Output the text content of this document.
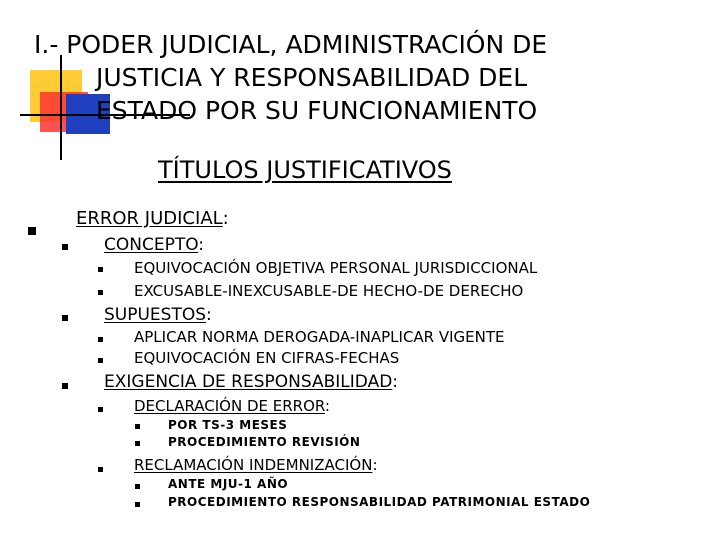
I.- PODER JUDICIAL, ADMINISTRACIÓN DE
JUSTICIA Y RESPONSABILIDAD DEL
ESTADO POR SU FUNCIONAMIENTO
TÍTULOS JUSTIFICATIVOS
ERROR JUDICIAL:
CONCEPTO:
EQUIVOCACIÓN OBJETIVA PERSONAL JURISDICCIONAL
EXCUSABLE-INEXCUSABLE-DE HECHO-DE DERECHO
SUPUESTOS:
APLICAR NORMA DEROGADA-INAPLICAR VIGENTE
EQUIVOCACIÓN EN CIFRAS-FECHAS
EXIGENCIA DE RESPONSABILIDAD:
DECLARACIÓN DE ERROR:
POR TS-3 MESES
PROCEDIMIENTO REVISIÓN
RECLAMACIÓN INDEMNIZACIÓN:
ANTE MJU-1 AÑO
PROCEDIMIENTO RESPONSABILIDAD PATRIMONIAL ESTADO
